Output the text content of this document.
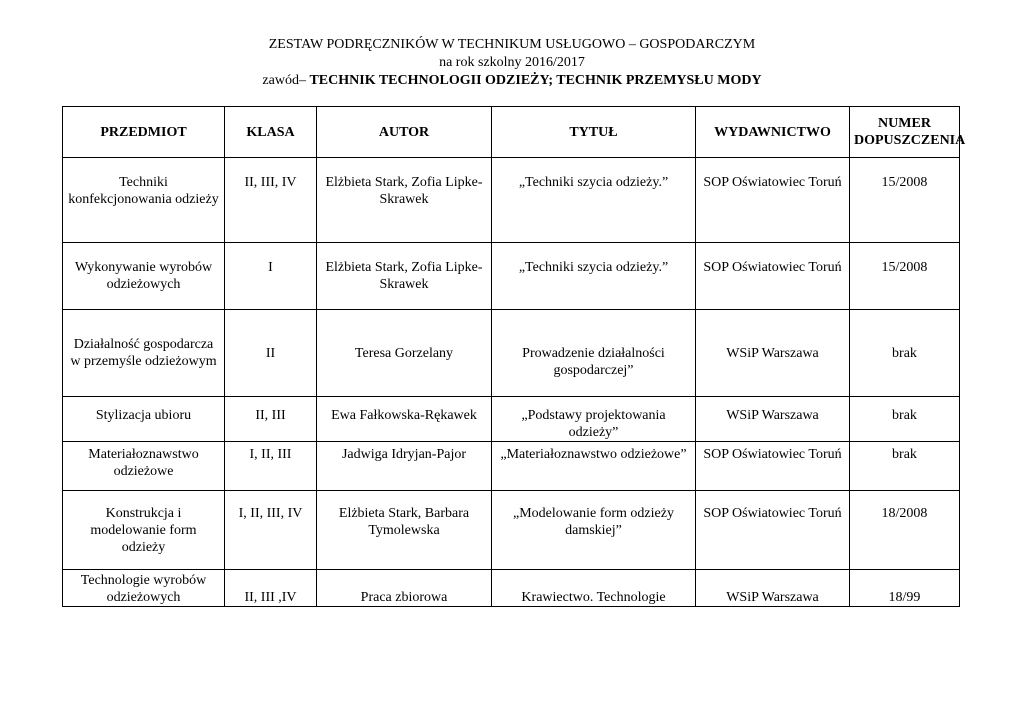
ZESTAW PODRĘCZNIKÓW W TECHNIKUM USŁUGOWO – GOSPODARCZYM
na rok szkolny 2016/2017
zawód– TECHNIK TECHNOLOGII ODZIEŻY; TECHNIK PRZEMYSŁU MODY
PRZEDMIOT	KLASA	AUTOR	TYTUŁ	WYDAWNICTWO	NUMER DOPUSZCZENIA
Techniki konfekcjonowania odzieży	II, III, IV	Elżbieta Stark, Zofia Lipke-Skrawek	„Techniki szycia odzieży.”	SOP Oświatowiec Toruń	15/2008
Wykonywanie wyrobów odzieżowych	I	Elżbieta Stark, Zofia Lipke-Skrawek	„Techniki szycia odzieży.”	SOP Oświatowiec Toruń	15/2008
Działalność gospodarcza w przemyśle odzieżowym	II	Teresa Gorzelany	Prowadzenie działalności gospodarczej”	WSiP Warszawa	brak
Stylizacja ubioru	II, III	Ewa Fałkowska-Rękawek	„Podstawy projektowania odzieży”	WSiP Warszawa	brak
Materiałoznawstwo odzieżowe	I, II, III	Jadwiga Idryjan-Pajor	„Materiałoznawstwo odzieżowe”	SOP Oświatowiec Toruń	brak
Konstrukcja i modelowanie form odzieży	I, II, III, IV	Elżbieta Stark, Barbara Tymolewska	„Modelowanie form odzieży damskiej”	SOP Oświatowiec Toruń	18/2008
Technologie wyrobów odzieżowych	II, III ,IV	Praca zbiorowa	Krawiectwo. Technologie	WSiP Warszawa	18/99
